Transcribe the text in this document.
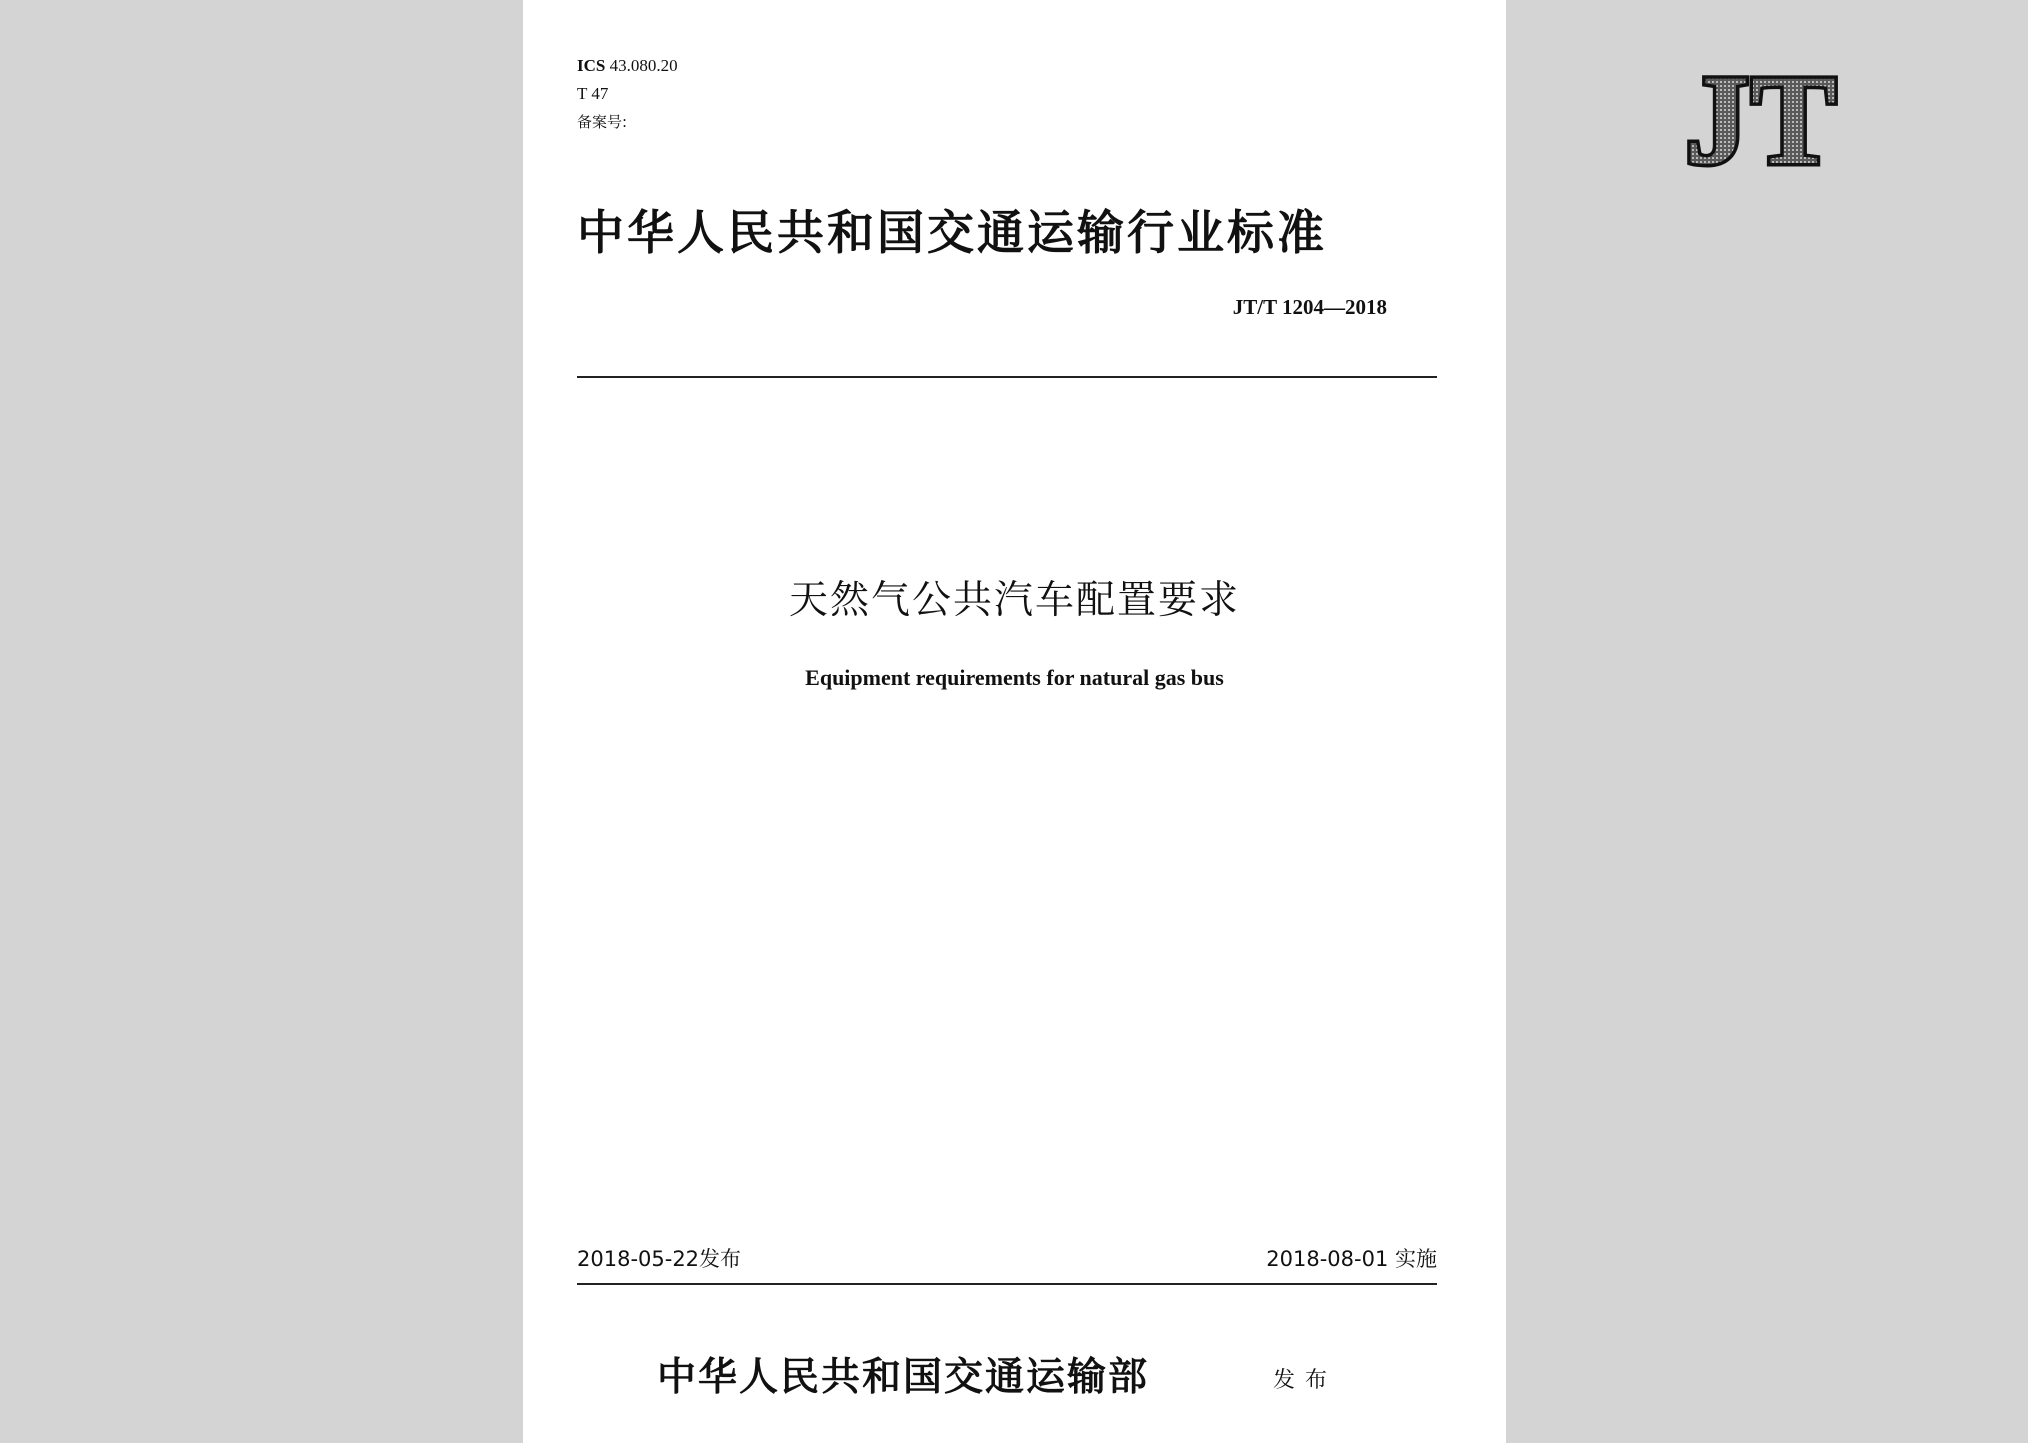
ICS 43.080.20
T 47
备案号:	JT
中华人民共和国交通运输行业标准
JT/T 1204—2018
天然气公共汽车配置要求
Equipment requirements for natural gas bus
2018-05-22发布	2018-08-01 实施
中华人民共和国交通运输部	发布
